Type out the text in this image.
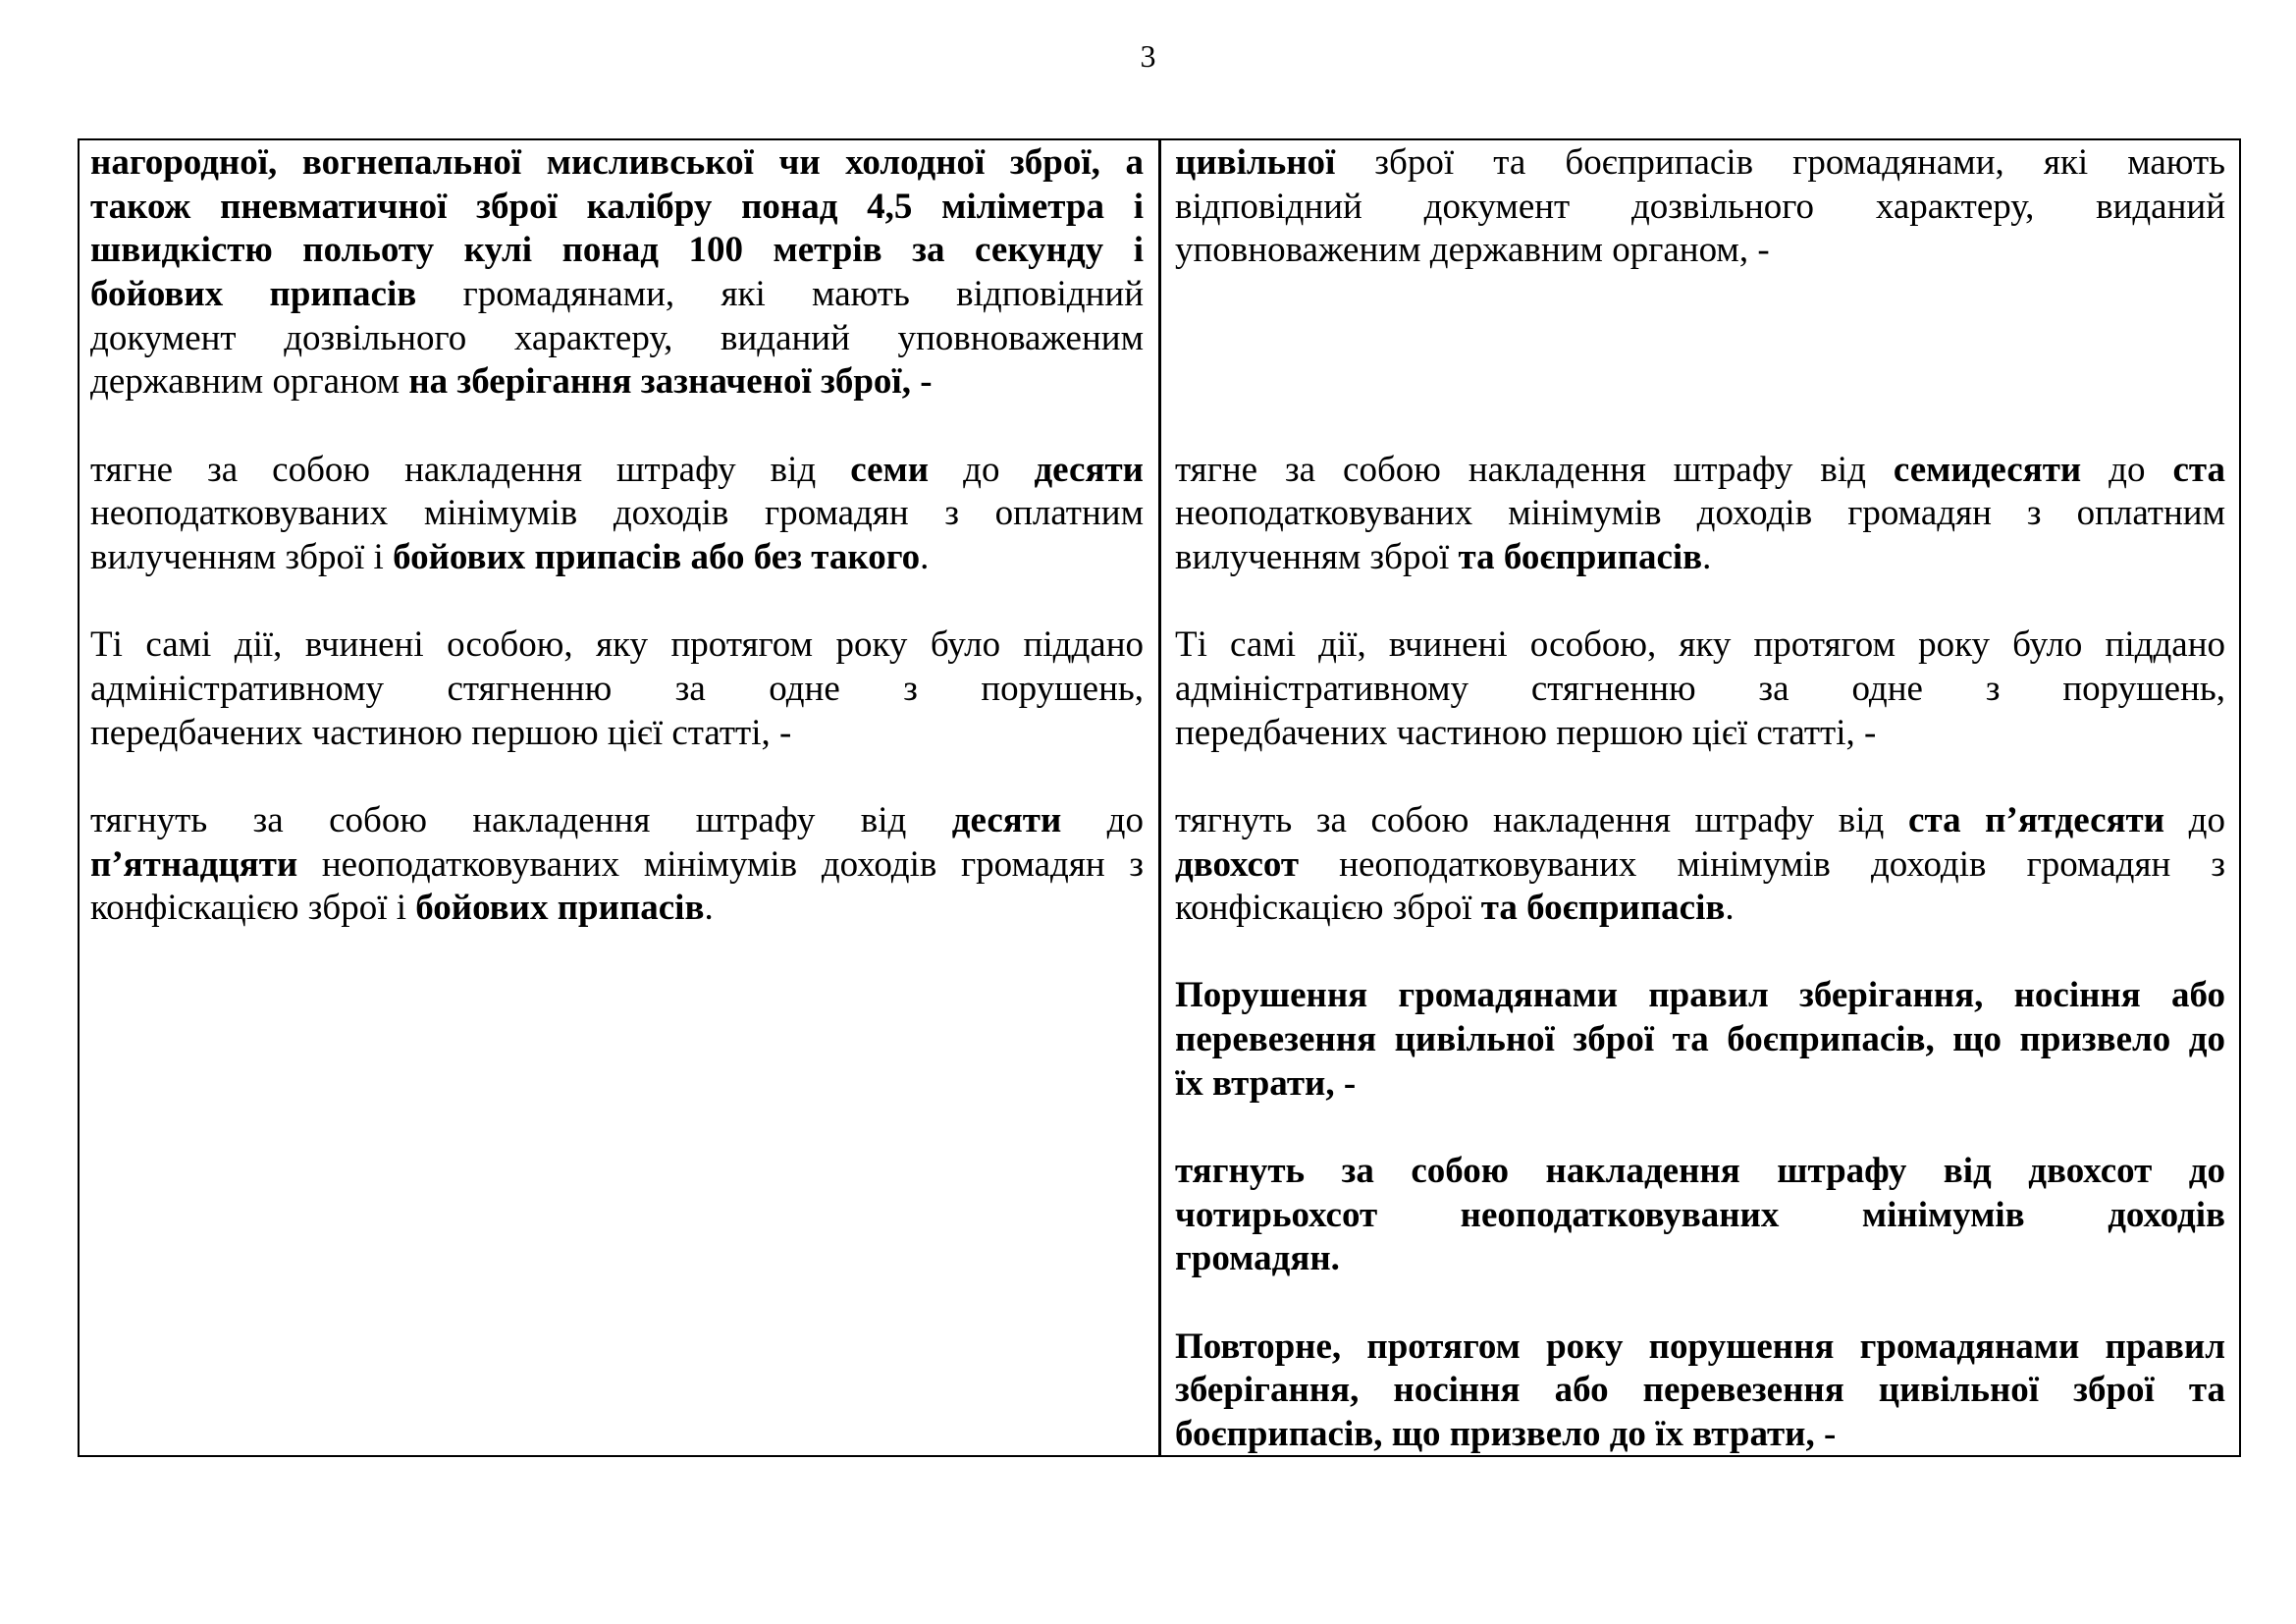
3
нагородної, вогнепальної мисливської чи холодної зброї, а
також пневматичної зброї калібру понад 4,5 міліметра і
швидкістю польоту кулі понад 100 метрів за секунду і
бойових припасів громадянами, які мають відповідний
документ дозвільного характеру, виданий уповноваженим
державним органом на зберігання зазначеної зброї, -
тягне за собою накладення штрафу від семи до десяти
неоподатковуваних мінімумів доходів громадян з оплатним
вилученням зброї і бойових припасів або без такого.
Ті самі дії, вчинені особою, яку протягом року було піддано
адміністративному стягненню за одне з порушень,
передбачених частиною першою цієї статті, -
тягнуть за собою накладення штрафу від десяти до
п’ятнадцяти неоподатковуваних мінімумів доходів громадян з
конфіскацією зброї і бойових припасів.
цивільної зброї та боєприпасів громадянами, які мають
відповідний документ дозвільного характеру, виданий
уповноваженим державним органом, -
тягне за собою накладення штрафу від семидесяти до ста
неоподатковуваних мінімумів доходів громадян з оплатним
вилученням зброї та боєприпасів.
Ті самі дії, вчинені особою, яку протягом року було піддано
адміністративному стягненню за одне з порушень,
передбачених частиною першою цієї статті, -
тягнуть за собою накладення штрафу від ста п’ятдесяти до
двохсот неоподатковуваних мінімумів доходів громадян з
конфіскацією зброї та боєприпасів.
Порушення громадянами правил зберігання, носіння або
перевезення цивільної зброї та боєприпасів, що призвело до
їх втрати, -
тягнуть за собою накладення штрафу від двохсот до
чотирьохсот неоподатковуваних мінімумів доходів
громадян.
Повторне, протягом року порушення громадянами правил
зберігання, носіння або перевезення цивільної зброї та
боєприпасів, що призвело до їх втрати, -
